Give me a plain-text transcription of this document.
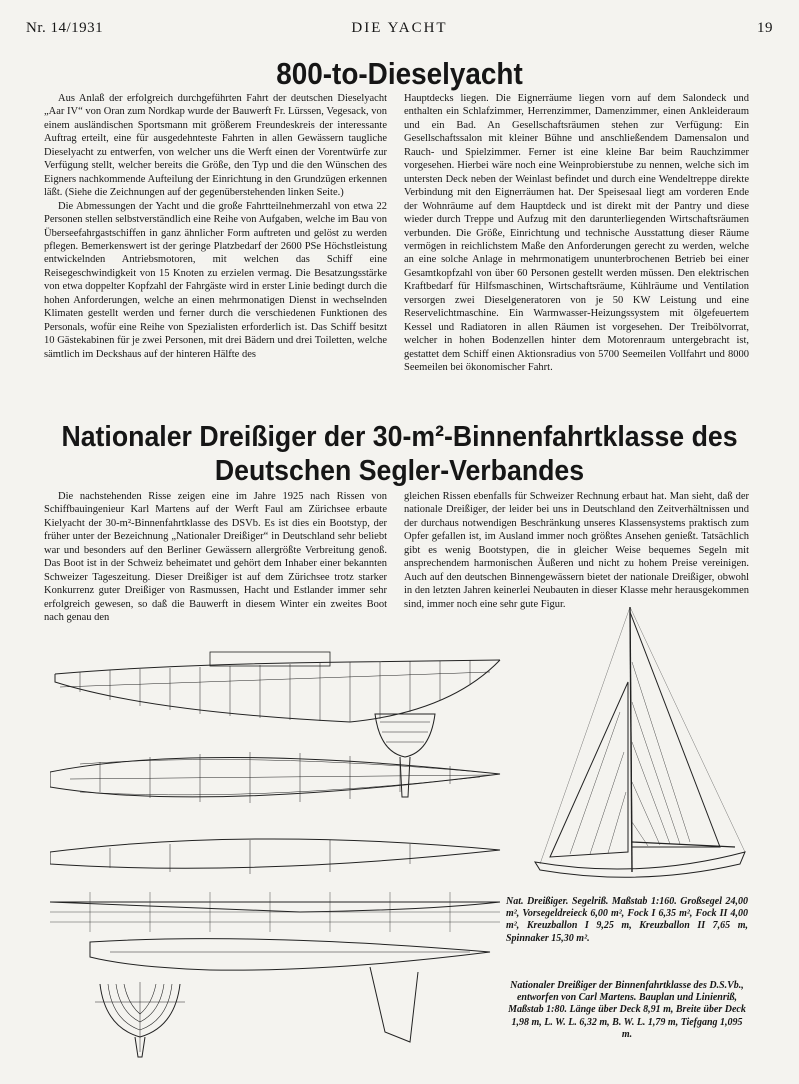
Nr. 14/1931	DIE YACHT	19
800-to-Dieselyacht

Aus Anlaß der erfolgreich durchgeführten Fahrt der deutschen Dieselyacht „Aar IV“ von Oran zum Nordkap wurde der Bauwerft Fr. Lürssen, Vegesack, von einem ausländischen Sportsmann mit größerem Freundeskreis der interessante Auftrag erteilt, eine für ausgedehnteste Fahrten in allen Gewässern taugliche Dieselyacht zu entwerfen, von welcher uns die Werft einen der Vorentwürfe zur Verfügung stellt, welcher bereits die Größe, den Typ und die den Wünschen des Eigners nachkommende Aufteilung der Einrichtung in den Grundzügen erkennen läßt. (Siehe die Zeichnungen auf der gegenüberstehenden linken Seite.)

Die Abmessungen der Yacht und die große Fahrtteilnehmerzahl von etwa 22 Personen stellen selbstverständlich eine Reihe von Aufgaben, welche im Bau von Überseefahrgastschiffen in ganz ähnlicher Form auftreten und gelöst zu werden pflegen. Bemerkenswert ist der geringe Platzbedarf der 2600 PSe Höchstleistung entwickelnden Antriebsmotoren, mit welchen das Schiff eine Reisegeschwindigkeit von 15 Knoten zu erzielen vermag. Die Besatzungsstärke von etwa doppelter Kopfzahl der Fahrgäste wird in erster Linie bedingt durch die hohen Anforderungen, welche an einen mehrmonatigen Dienst in wechselnden Klimaten gestellt werden und ferner durch die verschiedenen Funktionen des Personals, wofür eine Reihe von Spezialisten erforderlich ist. Das Schiff besitzt 10 Gästekabinen für je zwei Personen, mit drei Bädern und drei Toiletten, welche sämtlich im Deckshaus auf der hinteren Hälfte des

Hauptdecks liegen. Die Eignerräume liegen vorn auf dem Salondeck und enthalten ein Schlafzimmer, Herrenzimmer, Damenzimmer, einen Ankleideraum und ein Bad. An Gesellschaftsräumen stehen zur Verfügung: Ein Gesellschaftssalon mit kleiner Bühne und anschließendem Damensalon und Rauch- und Spielzimmer. Ferner ist eine kleine Bar beim Rauchzimmer vorgesehen. Hierbei wäre noch eine Weinprobierstube zu nennen, welche sich im untersten Deck neben der Weinlast befindet und durch eine Wendeltreppe direkte Verbindung mit den Eignerräumen hat. Der Speisesaal liegt am vorderen Ende der Wohnräume auf dem Hauptdeck und ist direkt mit der Pantry und diese wieder durch Treppe und Aufzug mit den darunterliegenden Wirtschaftsräumen verbunden. Die Größe, Einrichtung und technische Ausstattung dieser Räume vermögen in reichlichstem Maße den Anforderungen gerecht zu werden, welche an eine solche Anlage in mehrmonatigem ununterbrochenen Betrieb bei einer Gesamtkopfzahl von über 60 Personen gestellt werden müssen. Den elektrischen Kraftbedarf für Hilfsmaschinen, Wirtschaftsräume, Kühlräume und Ventilation versorgen zwei Dieselgeneratoren von je 50 KW Leistung und eine Reservelichtmaschine. Ein Warmwasser-Heizungssystem mit ölgefeuertem Kessel und Radiatoren in allen Räumen ist vorgesehen. Der Treibölvorrat, welcher in hohen Bodenzellen hinter dem Motorenraum untergebracht ist, gestattet dem Schiff einen Aktionsradius von 5700 Seemeilen Vollfahrt und 8000 Seemeilen bei ökonomischer Fahrt.

Nationaler Dreißiger der 30-m²-Binnenfahrtklasse des
Deutschen Segler-Verbandes

Die nachstehenden Risse zeigen eine im Jahre 1925 nach Rissen von Schiffbauingenieur Karl Martens auf der Werft Faul am Zürichsee erbaute Kielyacht der 30-m²-Binnenfahrtklasse des DSVb. Es ist dies ein Bootstyp, der früher unter der Bezeichnung „Nationaler Dreißiger“ in Deutschland sehr beliebt war und besonders auf den Berliner Gewässern allergrößte Verbreitung genoß. Das Boot ist in der Schweiz beheimatet und gehört dem Inhaber einer bekannten Schweizer Tageszeitung. Dieser Dreißiger ist auf dem Zürichsee trotz starker Konkurrenz guter Dreißiger von Rasmussen, Hacht und Estlander immer sehr erfolgreich gewesen, so daß die Bauwerft in diesem Winter ein zweites Boot nach genau den

gleichen Rissen ebenfalls für Schweizer Rechnung erbaut hat. Man sieht, daß der nationale Dreißiger, der leider bei uns in Deutschland den Zeitverhältnissen und der durchaus notwendigen Beschränkung unseres Klassensystems praktisch zum Opfer gefallen ist, im Ausland immer noch größtes Ansehen genießt. Tatsächlich gibt es wenig Bootstypen, die in gleicher Weise bequemes Segeln mit ansprechendem harmonischen Äußeren und nicht zu hohem Preise vereinigen. Auch auf den deutschen Binnengewässern bietet der nationale Dreißiger, obwohl in den letzten Jahren keinerlei Neubauten in dieser Klasse mehr herausgekommen sind, immer noch eine sehr gute Figur.

Nat. Dreißiger. Segelriß. Maßstab 1:160. Großsegel 24,00 m², Vorsegeldreieck 6,00 m², Fock I 6,35 m², Fock II 4,00 m², Kreuzballon I 9,25 m, Kreuzballon II 7,65 m, Spinnaker 15,30 m².

Nationaler Dreißiger der Binnenfahrtklasse des D.S.Vb., entworfen von Carl Martens. Bauplan und Linienriß, Maßstab 1:80. Länge über Deck 8,91 m, Breite über Deck 1,98 m, L. W. L. 6,32 m, B. W. L. 1,79 m, Tiefgang 1,095 m.
